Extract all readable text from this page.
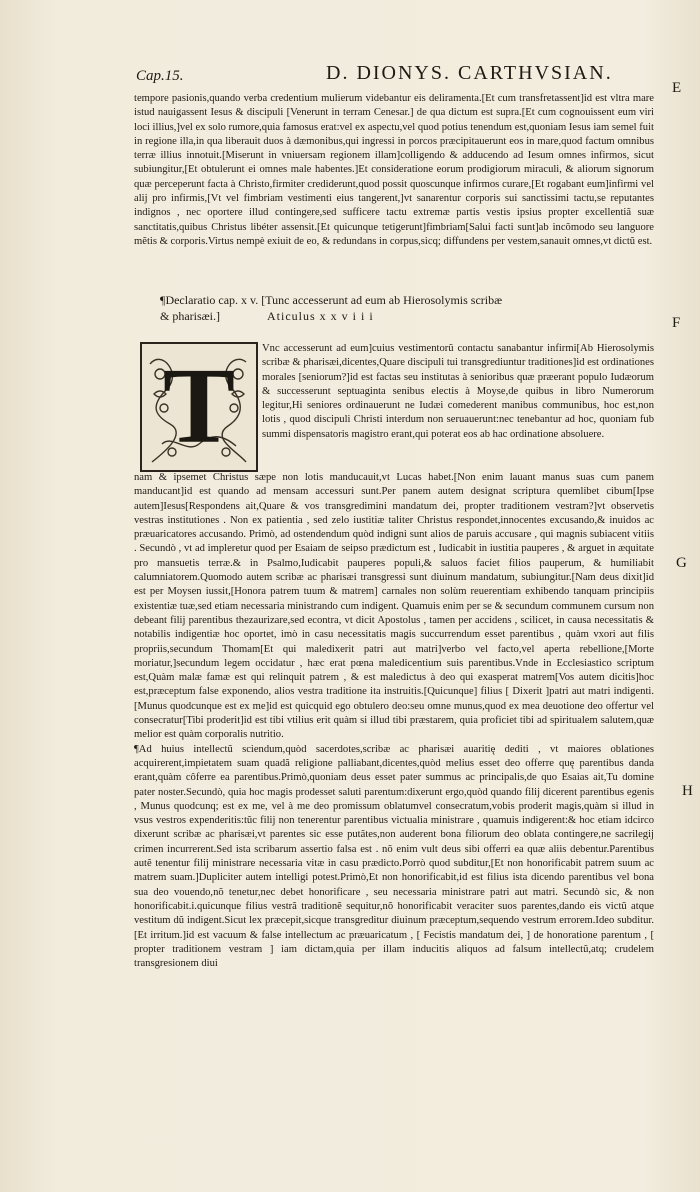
Cap.15.	D. DIONYS. CARTHVSIAN.
E
F
G
H

tempore pasionis,quando verba credentium mulierum videbantur eis deliramenta.[Et cum transfretassent]id est vltra mare istud nauigassent Iesus & discipuli [Venerunt in terram Cenesar.] de qua dictum est supra.[Et cum cognouissent eum viri loci illius,]vel ex solo rumore,quia famosus erat:vel ex aspectu,vel quod potius tenendum est,quoniam Iesus iam semel fuit in regione illa,in qua liberauit duos à dæmonibus,qui ingressi in porcos præcipitauerunt eos in mare,quod factum omnibus terræ illius innotuit.[Miserunt in vniuersam regionem illam]colligendo & adducendo ad Iesum omnes infirmos, sicut subiungitur,[Et obtulerunt ei omnes male habentes.]Et consideratione eorum prodigiorum miraculi, & aliorum signorum quæ perceperunt facta à Christo,firmiter crediderunt,quod possit quoscunque infirmos curare,[Et rogabant eum]infirmi vel alij pro infirmis,[Vt vel fimbriam vestimenti eius tangerent,]vt sanarentur corporis sui sanctissimi tactu,se reputantes indignos , nec oportere illud contingere,sed sufficere tactu extremæ partis vestis ipsius propter excellentiã suæ sanctitatis,quibus Christus libéter assensit.[Et quicunque tetigerunt]fimbriam[Salui facti sunt]ab incõmodo seu languore mẽtis & corporis.Virtus nempè exiuit de eo, & redundans in corpus,sicq; diffundens per vestem,sanauit omnes,vt dictũ est.

¶Declaratio cap. x v. [Tunc accesserunt ad eum ab Hierosolymis scribæ
& pharisæi.]	Aticulus x x v i i i
T	Vnc accesserunt ad eum]cuius vestimentorũ contactu sanabantur infirmi[Ab Hierosolymis scribæ & pharisæi,dicentes,Quare discipuli tui transgrediuntur traditiones]id est ordinationes morales [seniorum?]id est factas seu institutas à senioribus quæ præerant populo Iudæorum & successerunt septuaginta senibus electis à Moyse,de quibus in libro Numerorum legitur,Hi seniores ordinauerunt ne Iudæi comederent manibus communibus, hoc est,non lotis , quod discipuli Christi interdum non seruauerunt:nec tenebantur ad hoc, quoniam fub summi dispensatoris magistro erant,qui poterat eos ab hac ordinatione absoluere.

nam & ipsemet Christus sæpe non lotis manducauit,vt Lucas habet.[Non enim lauant manus suas cum panem manducant]id est quando ad mensam accessuri sunt.Per panem autem designat scriptura quemlibet cibum[Ipse autem]Iesus[Respondens ait,Quare & vos transgredimini mandatum dei, propter traditionem vestram?]vt observetis vestras institutiones . Non ex patientia , sed zelo iustitiæ taliter Christus respondet,innocentes excusando,& inuidos ac præuaricatores accusando. Primò, ad ostendendum quòd indigni sunt alios de paruis accusare , qui magnis subiacent vitiis . Secundò , vt ad impleretur quod per Esaiam de seipso prædictum est , Iudicabit in iustitia pauperes , & arguet in æquitate pro mansuetis terræ.& in Psalmo,Iudicabit pauperes populi,& saluos faciet filios pauperum, & humiliabit calumniatorem.Quomodo autem scribæ ac pharisæi transgressi sunt diuinum mandatum, subiungitur.[Nam deus dixit]id est per Moysen iussit,[Honora patrem tuum & matrem] carnales non solùm reuerentiam exhibendo tanquam principiis existentiæ tuæ,sed etiam necessaria ministrando cum indigent. Quamuis enim per se & secundum communem cursum non debeant filij parentibus thezaurizare,sed econtra, vt dicit Apostolus , tamen per accidens , scilicet, in causa necessitatis & notabilis indigentiæ hoc oportet, imò in casu necessitatis magis succurrendum esset parentibus , quàm vxori aut filis propriis,secundum Thomam[Et qui maledixerit patri aut matri]verbo vel facto,vel aperta rebellione,[Morte moriatur,]secundum legem occidatur , hæc erat pœna maledicentium suis parentibus.Vnde in Ecclesiastico scriptum est,Quàm malæ famæ est qui relinquit patrem , & est maledictus à deo qui exasperat matrem[Vos autem dicitis]hoc est,præceptum false exponendo, alios vestra traditione ita instruitis.[Quicunque] filius [ Dixerit ]patri aut matri indigenti. [Munus quodcunque est ex me]id est quicquid ego obtulero deo:seu omne munus,quod ex mea deuotione deo offertur vel consecratur[Tibi proderit]id est tibi vtilius erit quàm si illud tibi præstarem, quia proficiet tibi ad spiritualem salutem,quæ melior est quàm corporalis nutritio.

¶Ad huius intellectũ sciendum,quòd sacerdotes,scribæ ac pharisæi auaritię dediti , vt maiores oblationes acquirerent,impietatem suam quadã religione palliabant,dicentes,quòd melius esset deo offerre quę parentibus danda erant,quàm côferre ea parentibus.Primò,quoniam deus esset pater summus ac principalis,de quo Esaias ait,Tu domine pater noster.Secundò, quia hoc magis prodesset saluti parentum:dixerunt ergo,quòd quando filij dicerent parentibus egenis , Munus quodcunq; est ex me, vel à me deo promissum oblatumvel consecratum,vobis proderit magis,quàm si illud in vsus vestros expenderitis:tũc filij non tenerentur parentibus victualia ministrare , quamuis indigerent:& hoc etiam idcirco dixerunt scribæ ac pharisæi,vt parentes sic esse putãtes,non auderent bona filiorum deo oblata contingere,ne sacrilegij crimen incurrerent.Sed ista scribarum assertio falsa est . nõ enim vult deus sibi offerri ea quæ aliis debentur.Parentibus autẽ tenentur filij ministrare necessaria vitæ in casu prædicto.Porrò quod subditur,[Et non honorificabit patrem suum ac matrem suam.]Dupliciter autem intelligi potest.Primò,Et non honorificabit,id est filius ista dicendo parentibus vel bona sua deo vouendo,nõ tenetur,nec debet honorificare , seu necessaria ministrare patri aut matri. Secundò sic, & non honorificabit.i.quicunque filius vestrã traditionẽ sequitur,nõ honorificabit veraciter suos parentes,dando eis victũ atque vestitum dũ indigent.Sicut lex præcepit,sicque transgreditur diuinum præceptum,sequendo vestrum errorem.Ideo subditur.[Et irritum.]id est vacuum & false intellectum ac præuaricatum , [ Fecistis mandatum dei, ] de honoratione parentum , [ propter traditionem vestram ] iam dictam,quia per illam inducitis aliquos ad falsum intellectũ,atq; crudelem transgresionem diui
